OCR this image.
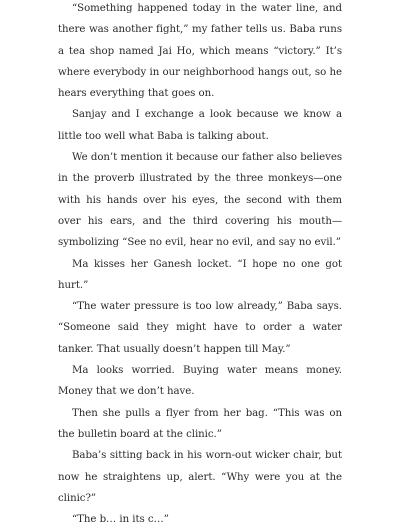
“Something happened today in the water line, and there was another fight,” my father tells us. Baba runs a tea shop named Jai Ho, which means “victory.” It’s where everybody in our neighborhood hangs out, so he hears everything that goes on.

Sanjay and I exchange a look because we know a little too well what Baba is talking about.

We don’t mention it because our father also believes in the proverb illustrated by the three monkeys—one with his hands over his eyes, the second with them over his ears, and the third covering his mouth—symbolizing “See no evil, hear no evil, and say no evil.”

Ma kisses her Ganesh locket. “I hope no one got hurt.”

“The water pressure is too low already,” Baba says. “Someone said they might have to order a water tanker. That usually doesn’t happen till May.”

Ma looks worried. Buying water means money. Money that we don’t have.

Then she pulls a flyer from her bag. “This was on the bulletin board at the clinic.”

Baba’s sitting back in his worn-out wicker chair, but now he straightens up, alert. “Why were you at the clinic?”

“The b… in its c…”
